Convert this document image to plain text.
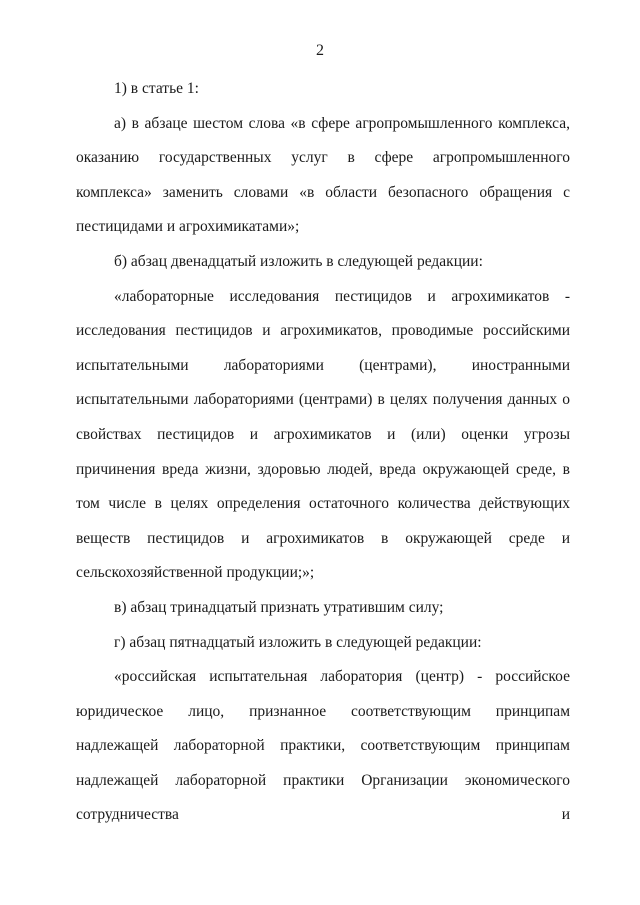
2

1) в статье 1:

а) в абзаце шестом слова «в сфере агропромышленного комплекса, оказанию государственных услуг в сфере агропромышленного комплекса» заменить словами «в области безопасного обращения с пестицидами и агрохимикатами»;

б) абзац двенадцатый изложить в следующей редакции:

«лабораторные исследования пестицидов и агрохимикатов - исследования пестицидов и агрохимикатов, проводимые российскими испытательными лабораториями (центрами), иностранными испытательными лабораториями (центрами) в целях получения данных о свойствах пестицидов и агрохимикатов и (или) оценки угрозы причинения вреда жизни, здоровью людей, вреда окружающей среде, в том числе в целях определения остаточного количества действующих веществ пестицидов и агрохимикатов в окружающей среде и сельскохозяйственной продукции;»;

в) абзац тринадцатый признать утратившим силу;

г) абзац пятнадцатый изложить в следующей редакции:

«российская испытательная лаборатория (центр) - российское юридическое лицо, признанное соответствующим принципам надлежащей лабораторной практики, соответствующим принципам надлежащей лабораторной практики Организации экономического сотрудничества и
